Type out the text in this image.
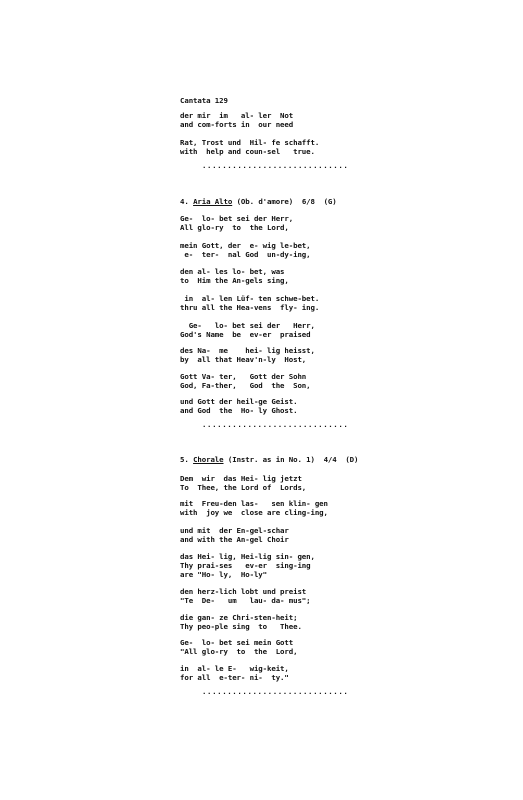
Cantata 129
der mir  im   al- ler  Not
and com-forts in  our need
Rat, Trost und  Hil- fe schafft.
with  help and coun-sel   true.
·····························
4. Aria Alto (Ob. d'amore)  6/8  (G)
Ge-  lo- bet sei der Herr,
All glo-ry  to  the Lord,
mein Gott, der  e- wig le-bet,
e-  ter-  nal God  un-dy-ing,
den al- les lo- bet, was
to  Him the An-gels sing,
in  al- len Lüf- ten schwe-bet.
thru all the Hea-vens  fly- ing.
Ge-   lo- bet sei der   Herr,
God's Name  be  ev-er  praised
des Na-  me    hei- lig heisst,
by  all that Heav'n-ly  Host,
Gott Va- ter,   Gott der Sohn
God, Fa-ther,   God  the  Son,
und Gott der heil-ge Geist.
and God  the  Ho- ly Ghost.
·····························
5. Chorale (Instr. as in No. 1)  4/4  (D)
Dem  wir  das Hei- lig jetzt
To  Thee, the Lord of  Lords,
mit  Freu-den las-   sen klin- gen
with  joy we  close are cling-ing,
und mit  der En-gel-schar
and with the An-gel Choir
das Hei- lig, Hei-lig sin- gen,
Thy prai-ses   ev-er  sing-ing
are "Ho- ly,  Ho-ly"
den herz-lich lobt und preist
"Te  De-   um   lau- da- mus";
die gan- ze Chri-sten-heit;
Thy peo-ple sing  to   Thee.
Ge-  lo- bet sei mein Gott
"All glo-ry  to  the  Lord,
in  al- le E-   wig-keit,
for all  e-ter- ni-  ty."
·····························
